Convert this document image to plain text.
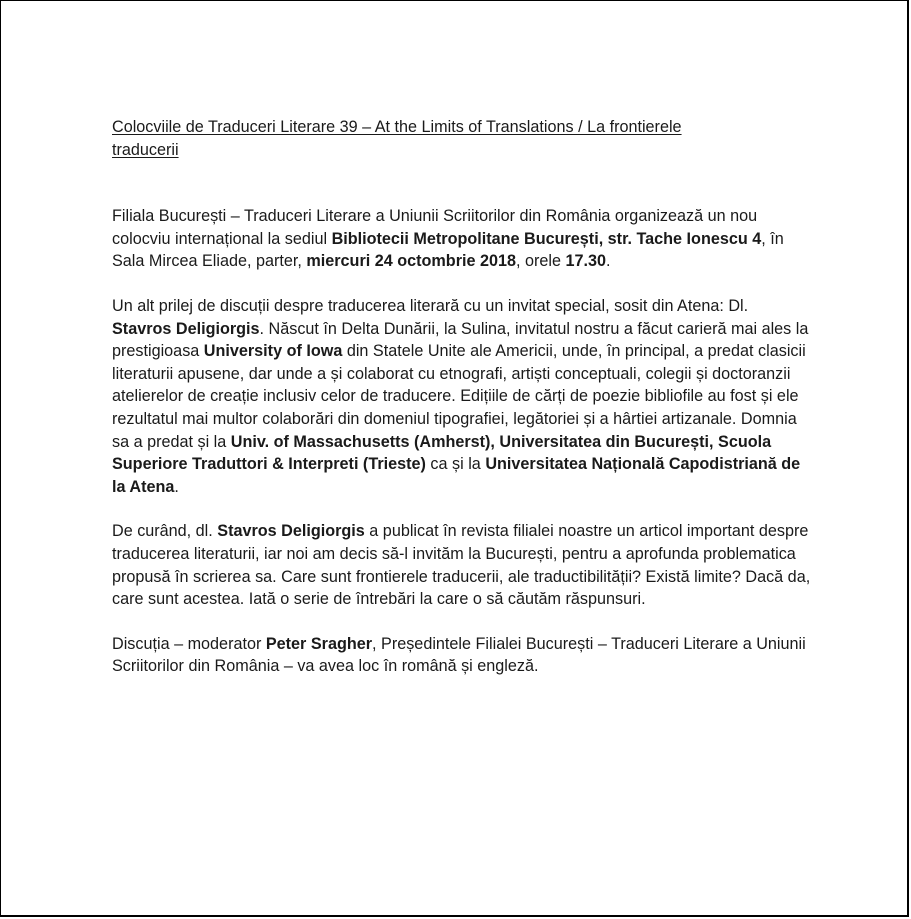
Colocviile de Traduceri Literare 39 – At the Limits of Translations / La frontierele traducerii

Filiala București – Traduceri Literare a Uniunii Scriitorilor din România organizează un nou colocviu internațional la sediul Bibliotecii Metropolitane București, str. Tache Ionescu 4, în Sala Mircea Eliade, parter, miercuri 24 octombrie 2018, orele 17.30.

Un alt prilej de discuții despre traducerea literară cu un invitat special, sosit din Atena: Dl. Stavros Deligiorgis. Născut în Delta Dunării, la Sulina, invitatul nostru a făcut carieră mai ales la prestigioasa University of Iowa din Statele Unite ale Americii, unde, în principal, a predat clasicii literaturii apusene, dar unde a și colaborat cu etnografi, artiști conceptuali, colegii și doctoranzii atelierelor de creație inclusiv celor de traducere. Edițiile de cărți de poezie bibliofile au fost și ele rezultatul mai multor colaborări din domeniul tipografiei, legătoriei și a hârtiei artizanale. Domnia sa a predat și la Univ. of Massachusetts (Amherst), Universitatea din București, Scuola Superiore Traduttori & Interpreti (Trieste) ca și la Universitatea Națională Capodistriană de la Atena.

De curând, dl. Stavros Deligiorgis a publicat în revista filialei noastre un articol important despre traducerea literaturii, iar noi am decis să-l invităm la București, pentru a aprofunda problematica propusă în scrierea sa. Care sunt frontierele traducerii, ale traductibilității? Există limite? Dacă da, care sunt acestea. Iată o serie de întrebări la care o să căutăm răspunsuri.

Discuția – moderator Peter Sragher, Președintele Filialei București – Traduceri Literare a Uniunii Scriitorilor din România – va avea loc în română și engleză.
